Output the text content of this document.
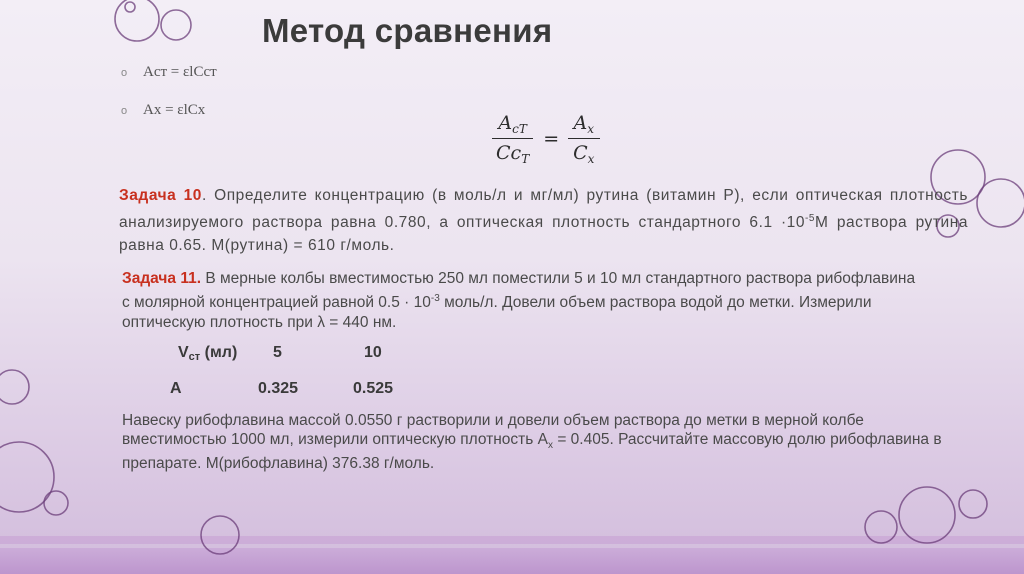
Метод сравнения
o	Aст = εlCст
o	Ax = εlCx
$\frac{A_{cT}}{Cc_T} = \frac{A_x}{C_x}$
Задача 10. Определите концентрацию (в моль/л и мг/мл) рутина (витамин Р), если оптическая плотность анализируемого раствора равна 0.780, а оптическая плотность стандартного $6.1 \cdot 10^{-5}М$ раствора рутина равна 0.65. М(рутина) = 610 г/моль.
Задача 11. В мерные колбы вместимостью 250 мл поместили 5 и 10 мл стандартного раствора рибофлавина с молярной концентрацией равной $0.5 \cdot 10^{-3}$ моль/л. Довели объем раствора водой до метки. Измерили оптическую плотность при λ = 440 нм.
$V_{ст}$ (мл) 5	10
A	0.325	0.525
Навеску рибофлавина массой 0.0550 г растворили и довели объем раствора до метки в мерной колбе вместимостью 1000 мл, измерили оптическую плотность $A_x = 0.405$. Рассчитайте массовую долю рибофлавина в препарате. М(рибофлавина) 376.38 г/моль.
